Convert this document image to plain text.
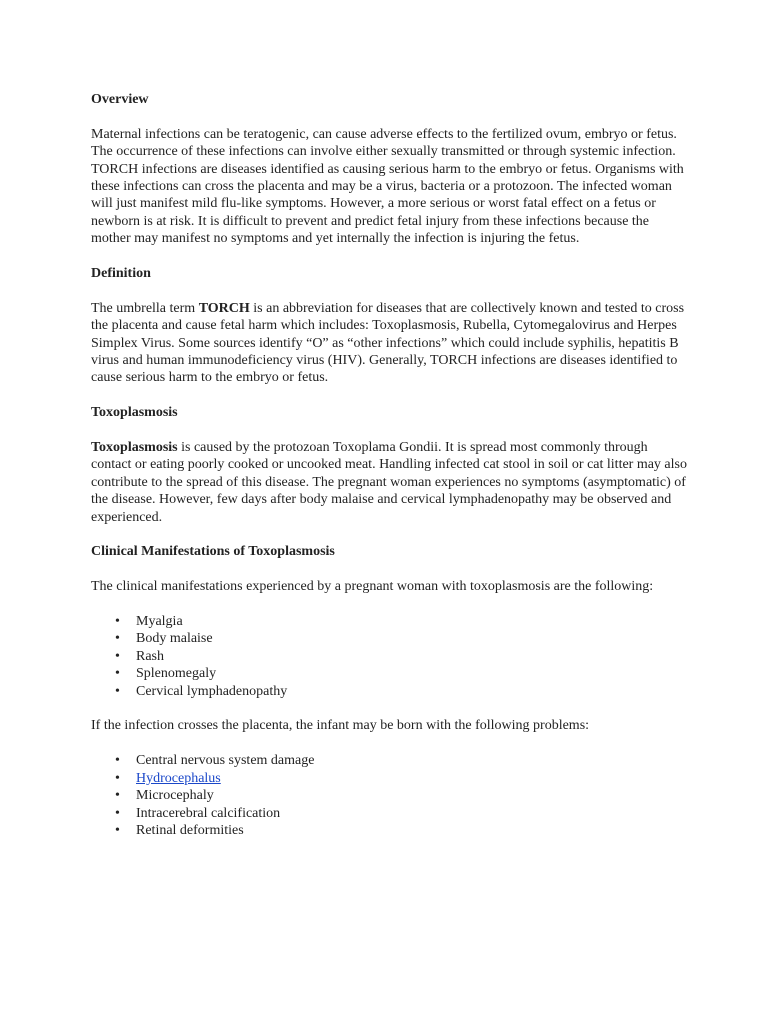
Overview

Maternal infections can be teratogenic, can cause adverse effects to the fertilized ovum, embryo or fetus. The occurrence of these infections can involve either sexually transmitted or through systemic infection. TORCH infections are diseases identified as causing serious harm to the embryo or fetus. Organisms with these infections can cross the placenta and may be a virus, bacteria or a protozoon. The infected woman will just manifest mild flu-like symptoms. However, a more serious or worst fatal effect on a fetus or newborn is at risk. It is difficult to prevent and predict fetal injury from these infections because the mother may manifest no symptoms and yet internally the infection is injuring the fetus.

Definition

The umbrella term TORCH is an abbreviation for diseases that are collectively known and tested to cross the placenta and cause fetal harm which includes: Toxoplasmosis, Rubella, Cytomegalovirus and Herpes Simplex Virus. Some sources identify “O” as “other infections” which could include syphilis, hepatitis B virus and human immunodeficiency virus (HIV). Generally, TORCH infections are diseases identified to cause serious harm to the embryo or fetus.

Toxoplasmosis

Toxoplasmosis is caused by the protozoan Toxoplama Gondii. It is spread most commonly through contact or eating poorly cooked or uncooked meat. Handling infected cat stool in soil or cat litter may also contribute to the spread of this disease. The pregnant woman experiences no symptoms (asymptomatic) of the disease. However, few days after body malaise and cervical lymphadenopathy may be observed and experienced.

Clinical Manifestations of Toxoplasmosis

The clinical manifestations experienced by a pregnant woman with toxoplasmosis are the following:

• Myalgia
• Body malaise
• Rash
• Splenomegaly
• Cervical lymphadenopathy

If the infection crosses the placenta, the infant may be born with the following problems:

• Central nervous system damage
• Hydrocephalus
• Microcephaly
• Intracerebral calcification
• Retinal deformities
